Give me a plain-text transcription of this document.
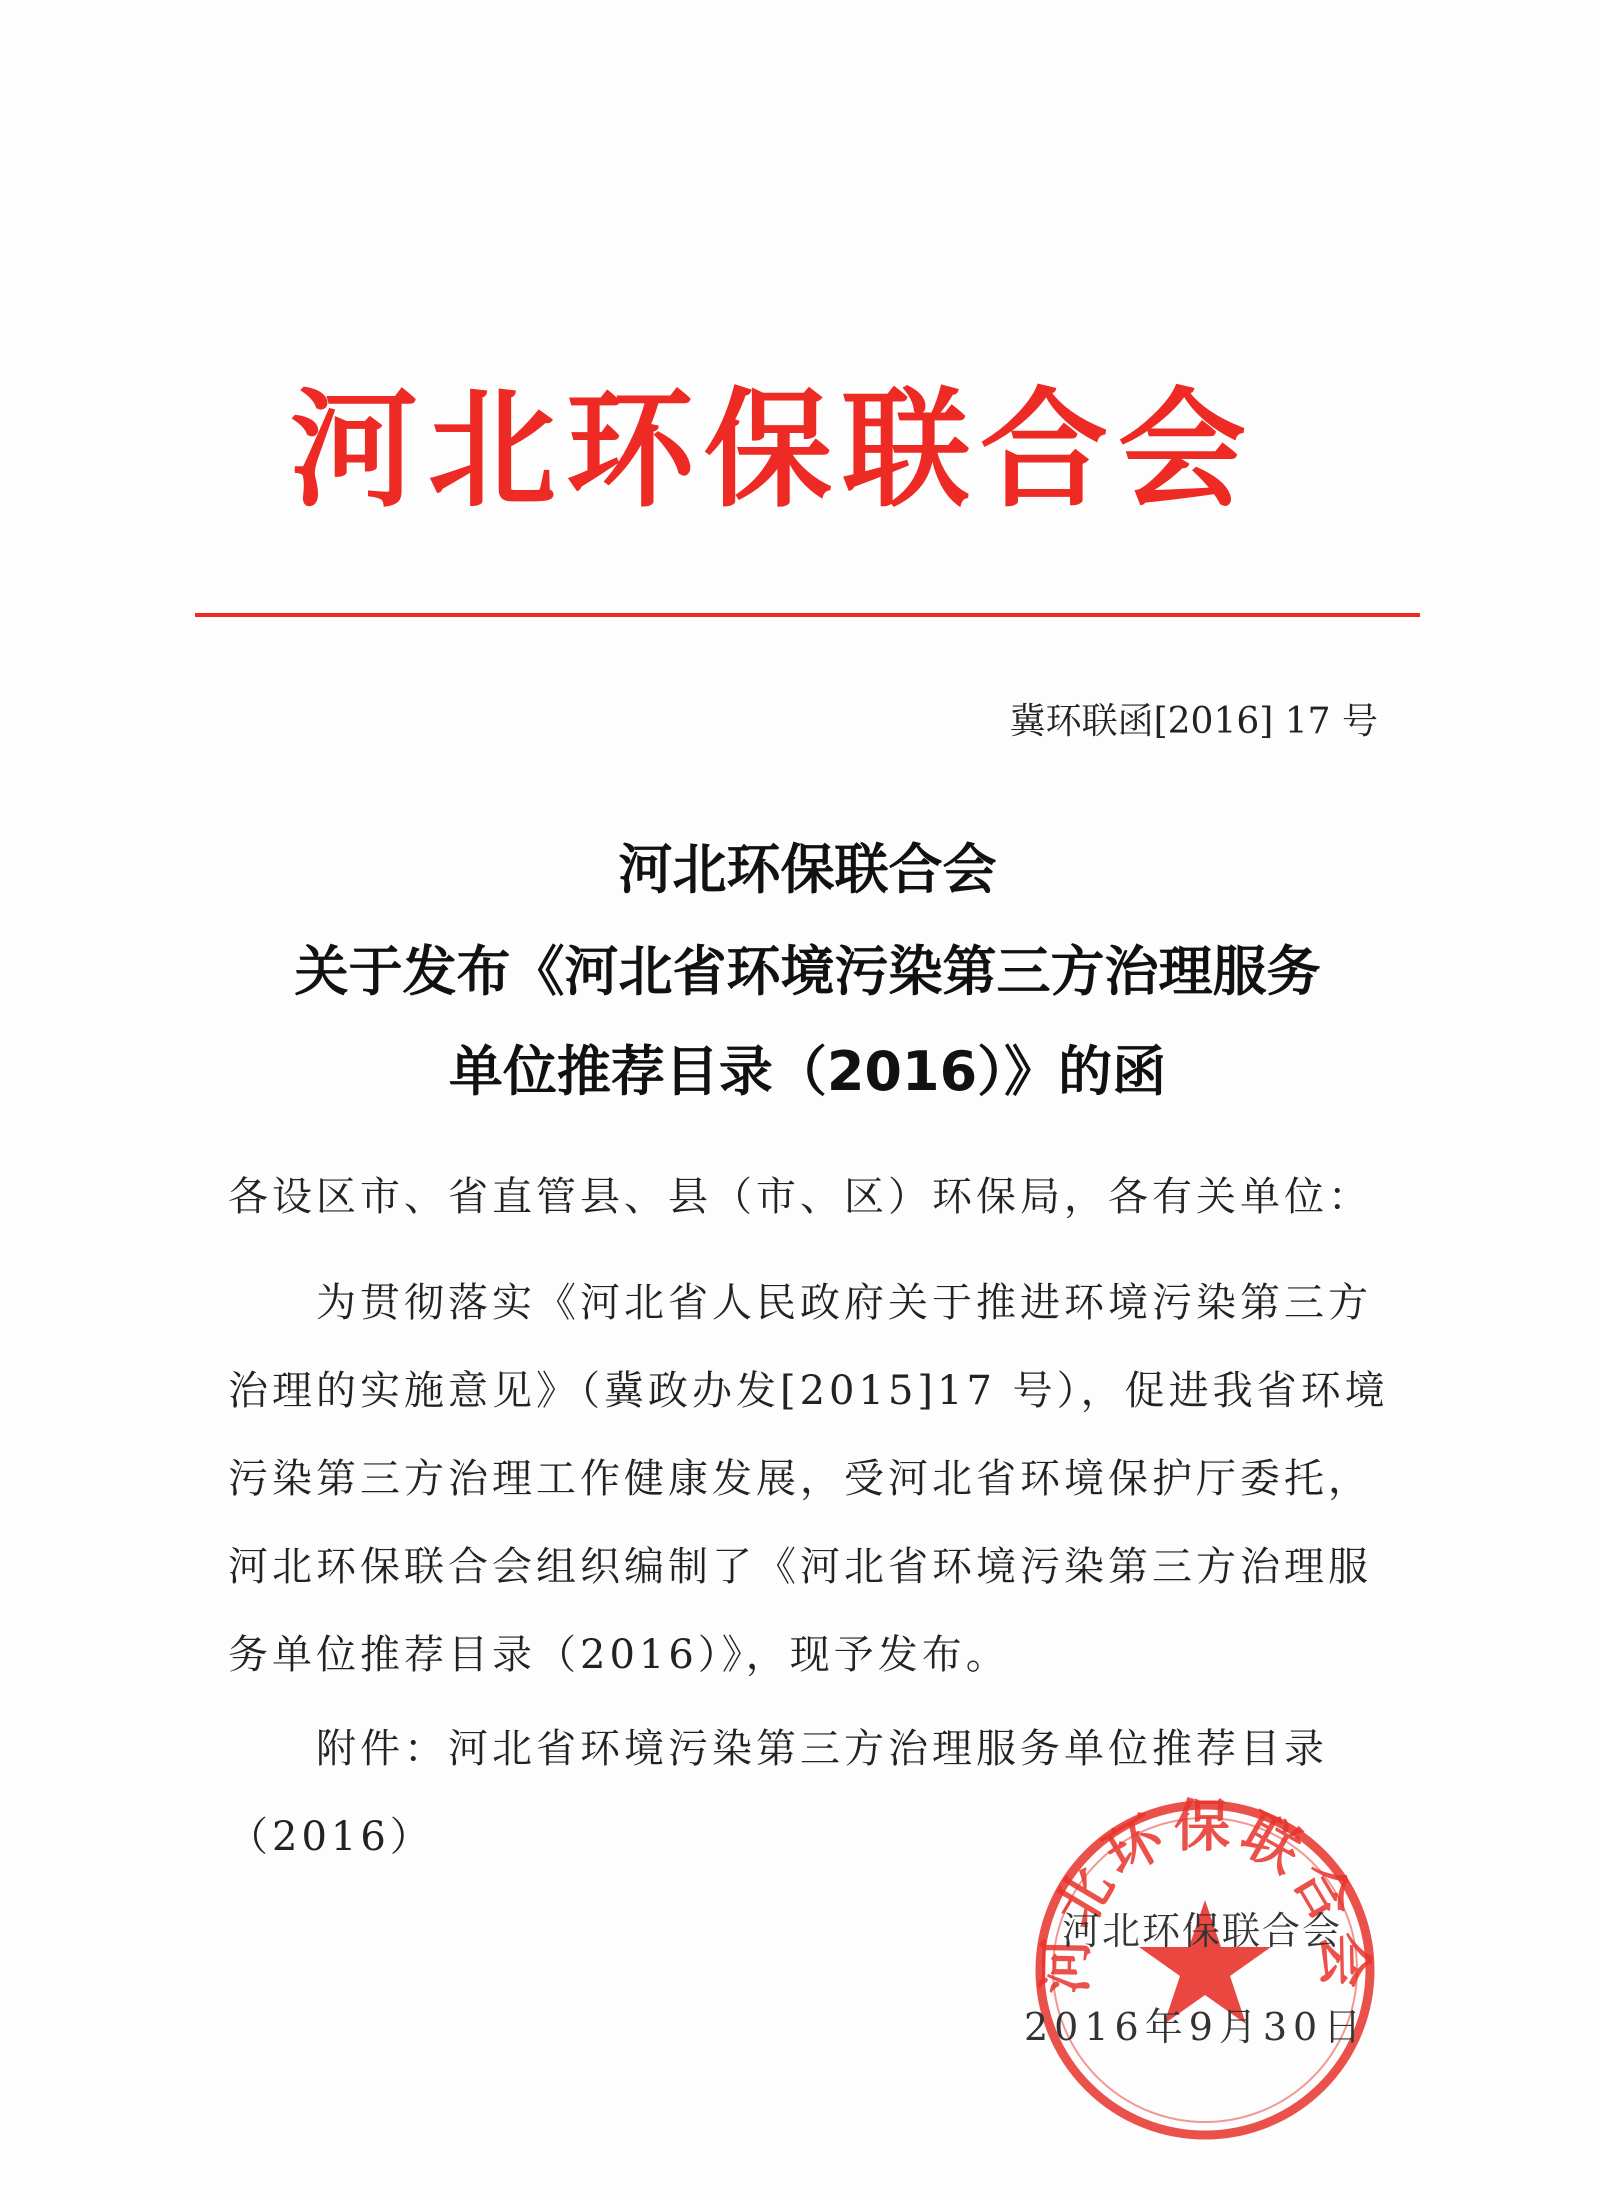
河北环保联合会
冀环联函[2016] 17 号
河北环保联合会
关于发布《河北省环境污染第三方治理服务
单位推荐目录（2016）》的函
各设区市、省直管县、县（市、区）环保局，各有关单位：
为贯彻落实《河北省人民政府关于推进环境污染第三方
治理的实施意见》（冀政办发[2015]17 号），促进我省环境
污染第三方治理工作健康发展，受河北省环境保护厅委托，
河北环保联合会组织编制了《河北省环境污染第三方治理服
务单位推荐目录（2016）》，现予发布。
附件：河北省环境污染第三方治理服务单位推荐目录
（2016）
河北环保联合会
河北环保联合会
2016年9月30日
